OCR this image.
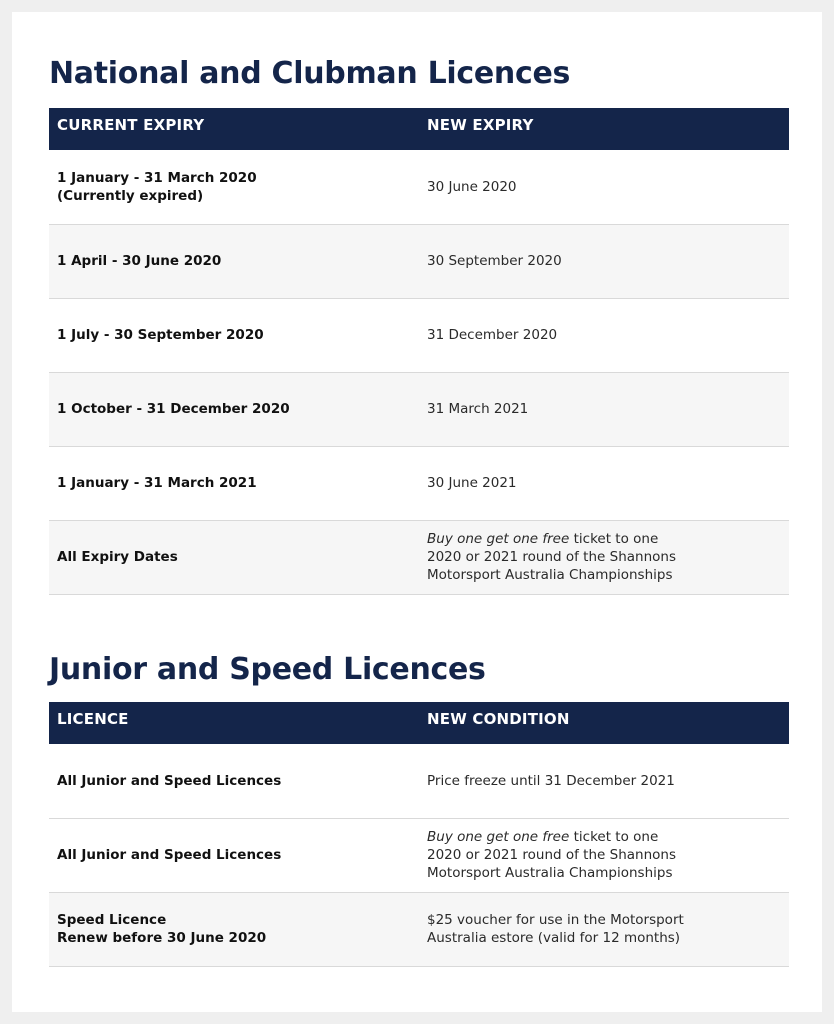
National and Clubman Licences
CURRENT EXPIRY	NEW EXPIRY

1 January - 31 March 2020
(Currently expired)	30 June 2020
1 April - 30 June 2020	30 September 2020
1 July - 30 September 2020	31 December 2020
1 October - 31 December 2020	31 March 2021
1 January - 31 March 2021	30 June 2021
All Expiry Dates	Buy one get one free ticket to one
2020 or 2021 round of the Shannons
Motorsport Australia Championships
Junior and Speed Licences
LICENCE	NEW CONDITION
All Junior and Speed Licences	Price freeze until 31 December 2021
All Junior and Speed Licences	Buy one get one free ticket to one
2020 or 2021 round of the Shannons
Motorsport Australia Championships

Speed Licence
Renew before 30 June 2020	$25 voucher for use in the Motorsport
Australia estore (valid for 12 months)
